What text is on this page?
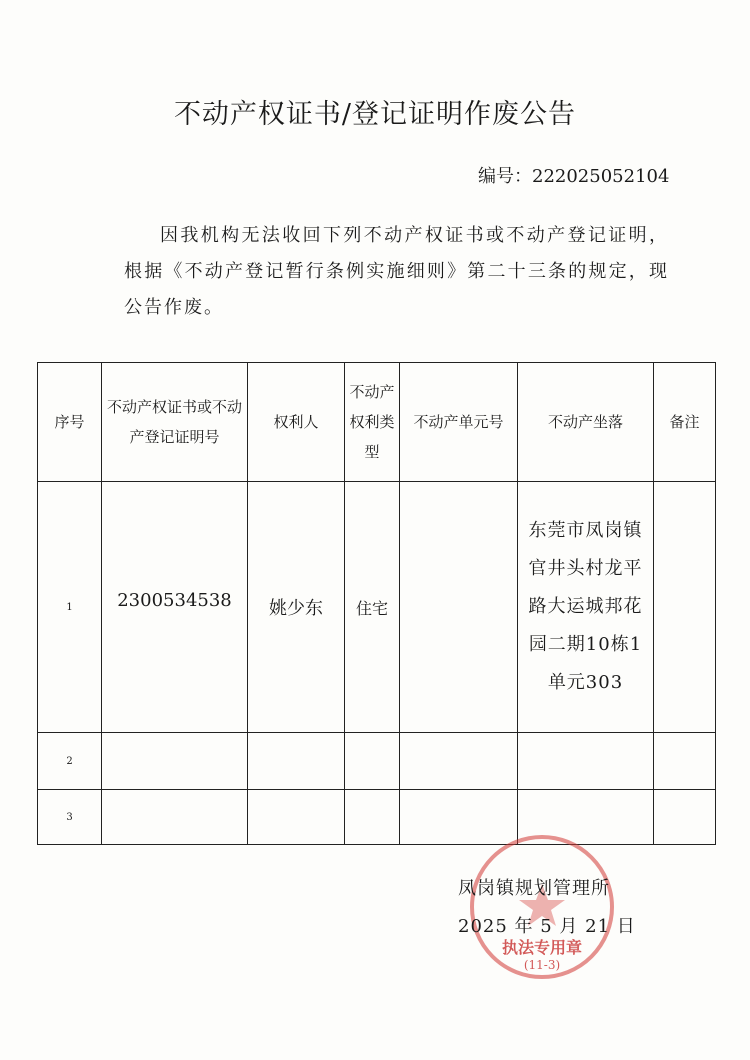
不动产权证书/登记证明作废公告
编号：222025052104
因我机构无法收回下列不动产权证书或不动产登记证明，根据《不动产登记暂行条例实施细则》第二十三条的规定，现公告作废。
序号	不动产权证书或不动产登记证明号	权利人	不动产权利类型	不动产单元号	不动产坐落	备注
1	2300534538	姚少东	住宅		东莞市凤岗镇官井头村龙平路大运城邦花园二期10栋1单元303	
2						
3						
执法专用章
(11-3)
凤岗镇规划管理所
2025 年 5 月 21 日
